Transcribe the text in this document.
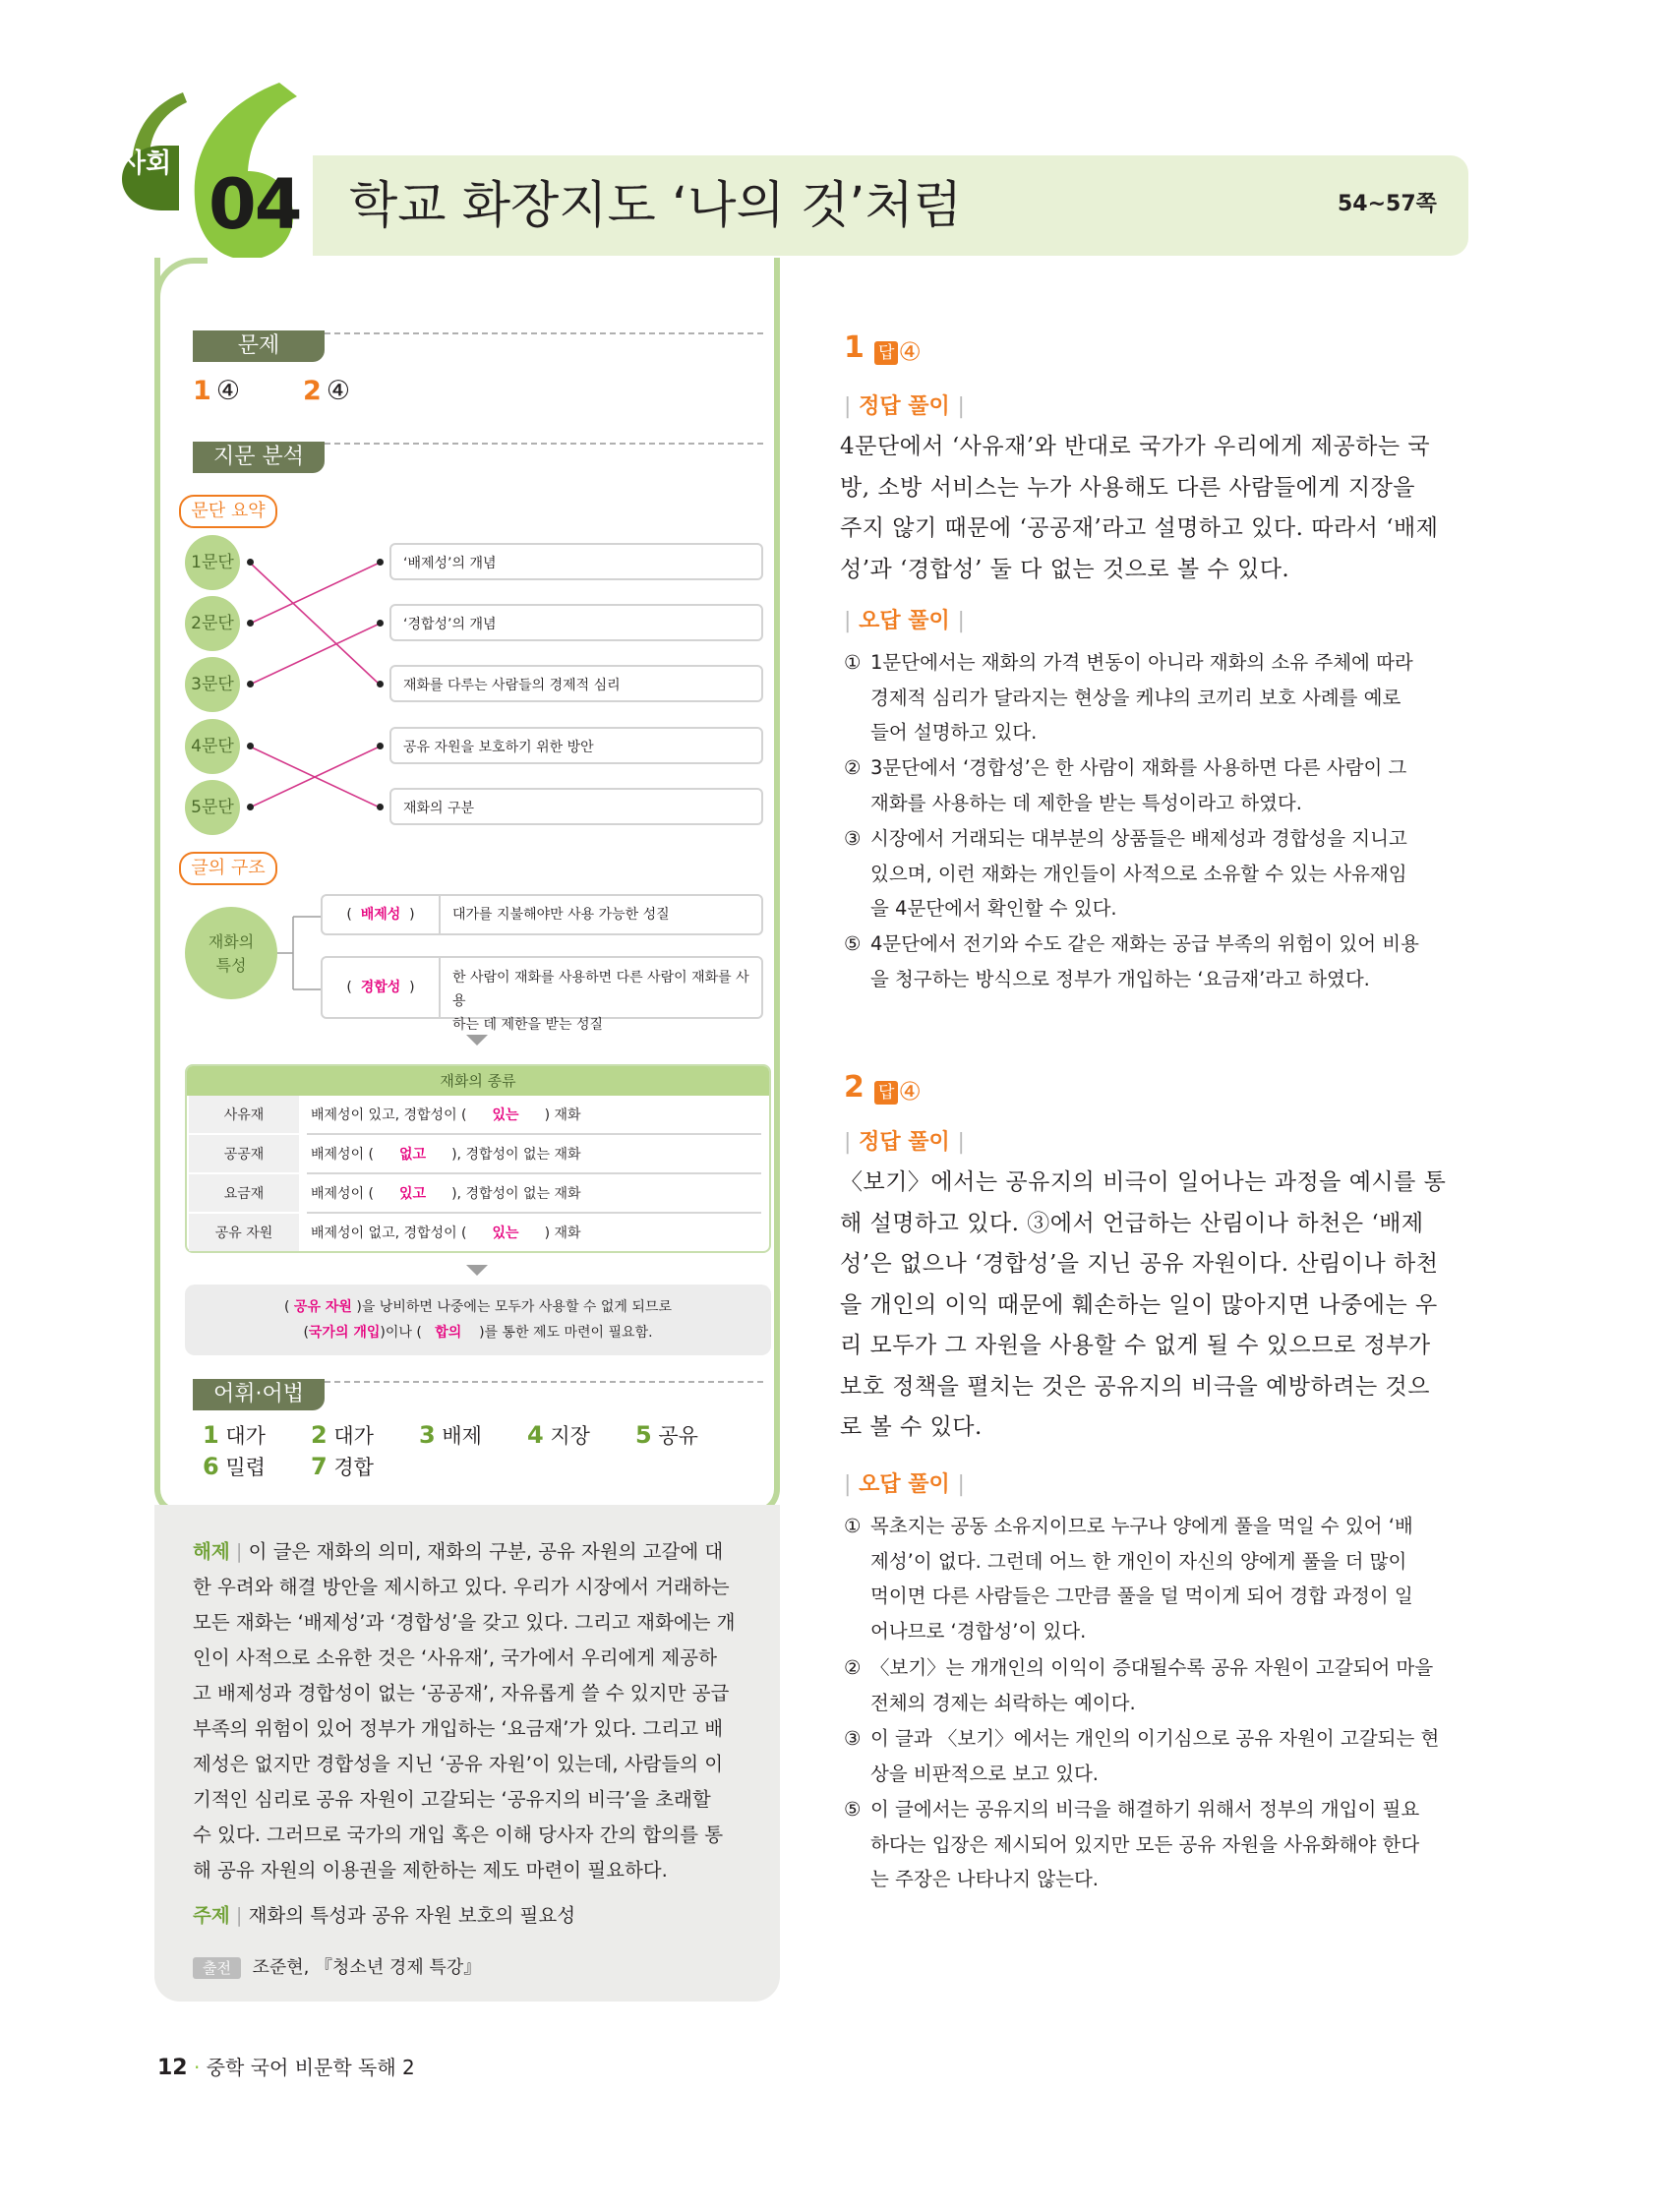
사회
04 학교 화장지도 ‘나의 것’처럼	54~57쪽
문제
1 ④ 2 ④
지문 분석
문단 요약
1문단
2문단
3문단
4문단
5문단
‘배제성’의 개념
‘경합성’의 개념
재화를 다루는 사람들의 경제적 심리
공유 자원을 보호하기 위한 방안
재화의 구분
글의 구조
재화의
특성
(  배제성  )	대가를 지불해야만 사용 가능한 성질
(  경합성  )
한 사람이 재화를 사용하면 다른 사람이 재화를 사용
하는 데 제한을 받는 성질
재화의 종류
사유재	배제성이 있고, 경합성이 ( 있는 ) 재화
공공재	배제성이 ( 없고 ), 경합성이 없는 재화
요금재	배제성이 ( 있고 ), 경합성이 없는 재화
공유 자원	배제성이 없고, 경합성이 ( 있는 ) 재화
( 공유 자원 )을 낭비하면 나중에는 모두가 사용할 수 없게 되므로
(국가의 개입)이나 ( 합의 )를 통한 제도 마련이 필요함.
어휘·어법
1 대가 2 대가 3 배제 4 지장 5 공유
6 밀렵 7 경합
해제 | 이 글은 재화의 의미, 재화의 구분, 공유 자원의 고갈에 대
한 우려와 해결 방안을 제시하고 있다. 우리가 시장에서 거래하는
모든 재화는 ‘배제성’과 ‘경합성’을 갖고 있다. 그리고 재화에는 개
인이 사적으로 소유한 것은 ‘사유재’, 국가에서 우리에게 제공하
고 배제성과 경합성이 없는 ‘공공재’, 자유롭게 쓸 수 있지만 공급
부족의 위험이 있어 정부가 개입하는 ‘요금재’가 있다. 그리고 배
제성은 없지만 경합성을 지닌 ‘공유 자원’이 있는데, 사람들의 이
기적인 심리로 공유 자원이 고갈되는 ‘공유지의 비극’을 초래할
수 있다. 그러므로 국가의 개입 혹은 이해 당사자 간의 합의를 통
해 공유 자원의 이용권을 제한하는 제도 마련이 필요하다.
주제 | 재화의 특성과 공유 자원 보호의 필요성
출전 조준현, 『청소년 경제 특강』
1 답 ④
| 정답 풀이 |
4문단에서 ‘사유재’와 반대로 국가가 우리에게 제공하는 국
방, 소방 서비스는 누가 사용해도 다른 사람들에게 지장을
주지 않기 때문에 ‘공공재’라고 설명하고 있다. 따라서 ‘배제
성’과 ‘경합성’ 둘 다 없는 것으로 볼 수 있다.
| 오답 풀이 |
① 1문단에서는 재화의 가격 변동이 아니라 재화의 소유 주체에 따라
경제적 심리가 달라지는 현상을 케냐의 코끼리 보호 사례를 예로
들어 설명하고 있다.
② 3문단에서 ‘경합성’은 한 사람이 재화를 사용하면 다른 사람이 그
재화를 사용하는 데 제한을 받는 특성이라고 하였다.
③ 시장에서 거래되는 대부분의 상품들은 배제성과 경합성을 지니고
있으며, 이런 재화는 개인들이 사적으로 소유할 수 있는 사유재임
을 4문단에서 확인할 수 있다.
⑤ 4문단에서 전기와 수도 같은 재화는 공급 부족의 위험이 있어 비용
을 청구하는 방식으로 정부가 개입하는 ‘요금재’라고 하였다.
2 답 ④
| 정답 풀이 |
〈보기〉에서는 공유지의 비극이 일어나는 과정을 예시를 통
해 설명하고 있다. ③에서 언급하는 산림이나 하천은 ‘배제
성’은 없으나 ‘경합성’을 지닌 공유 자원이다. 산림이나 하천
을 개인의 이익 때문에 훼손하는 일이 많아지면 나중에는 우
리 모두가 그 자원을 사용할 수 없게 될 수 있으므로 정부가
보호 정책을 펼치는 것은 공유지의 비극을 예방하려는 것으
로 볼 수 있다.
| 오답 풀이 |
① 목초지는 공동 소유지이므로 누구나 양에게 풀을 먹일 수 있어 ‘배
제성’이 없다. 그런데 어느 한 개인이 자신의 양에게 풀을 더 많이
먹이면 다른 사람들은 그만큼 풀을 덜 먹이게 되어 경합 과정이 일
어나므로 ‘경합성’이 있다.
② 〈보기〉는 개개인의 이익이 증대될수록 공유 자원이 고갈되어 마을
전체의 경제는 쇠락하는 예이다.
③ 이 글과 〈보기〉에서는 개인의 이기심으로 공유 자원이 고갈되는 현
상을 비판적으로 보고 있다.
⑤ 이 글에서는 공유지의 비극을 해결하기 위해서 정부의 개입이 필요
하다는 입장은 제시되어 있지만 모든 공유 자원을 사유화해야 한다
는 주장은 나타나지 않는다.
12 · 중학 국어 비문학 독해 2
